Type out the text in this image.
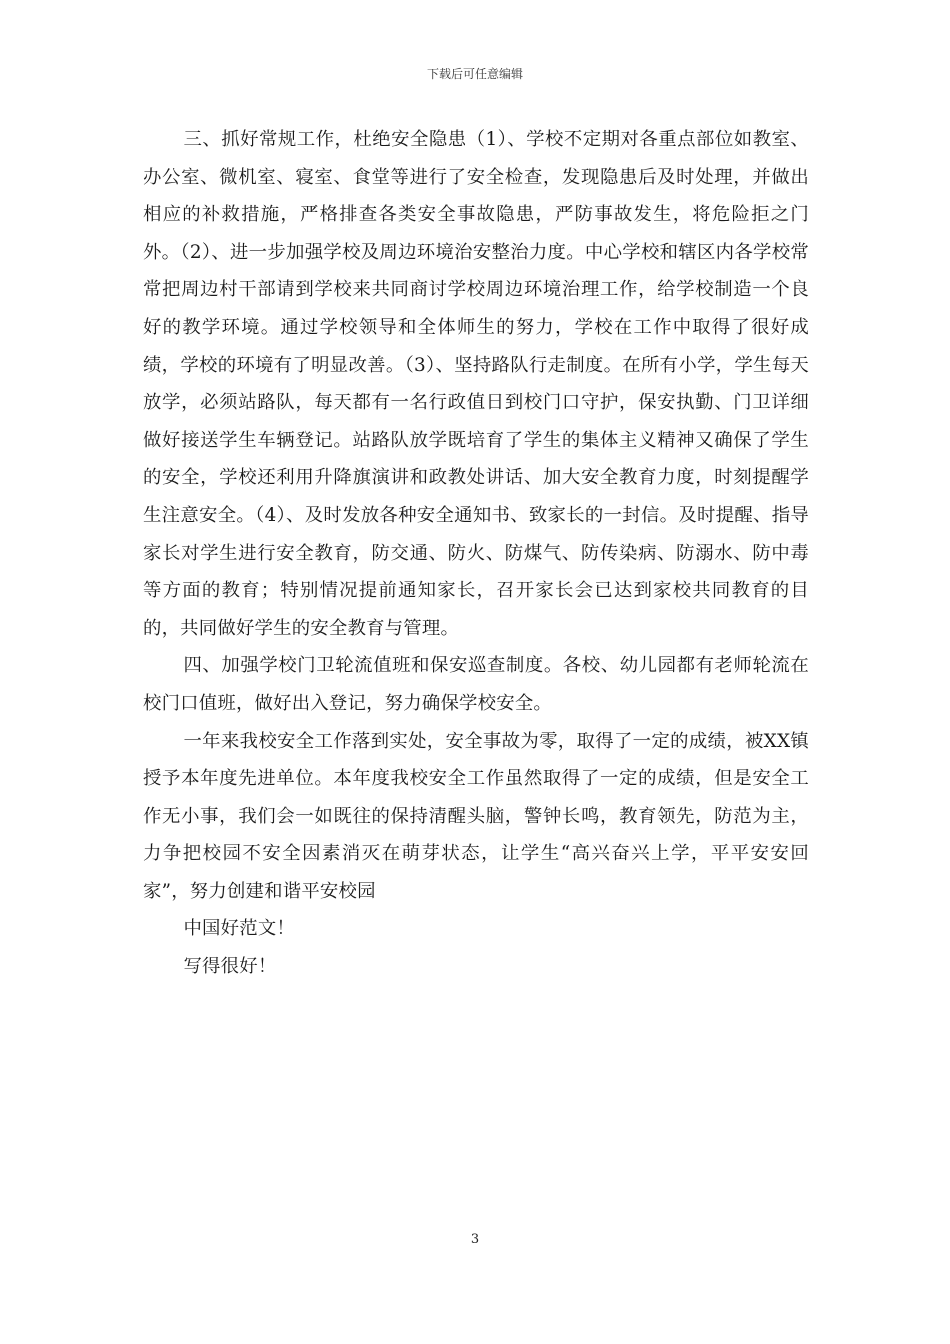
下载后可任意编辑

三、抓好常规工作，杜绝安全隐患（1）、学校不定期对各重点部位如教室、办公室、微机室、寝室、食堂等进行了安全检查，发现隐患后及时处理，并做出相应的补救措施，严格排查各类安全事故隐患，严防事故发生，将危险拒之门外。（2）、进一步加强学校及周边环境治安整治力度。中心学校和辖区内各学校常常把周边村干部请到学校来共同商讨学校周边环境治理工作，给学校制造一个良好的教学环境。通过学校领导和全体师生的努力，学校在工作中取得了很好成绩，学校的环境有了明显改善。（3）、坚持路队行走制度。在所有小学，学生每天放学，必须站路队，每天都有一名行政值日到校门口守护，保安执勤、门卫详细做好接送学生车辆登记。站路队放学既培育了学生的集体主义精神又确保了学生的安全，学校还利用升降旗演讲和政教处讲话、加大安全教育力度，时刻提醒学生注意安全。（4）、及时发放各种安全通知书、致家长的一封信。及时提醒、指导家长对学生进行安全教育，防交通、防火、防煤气、防传染病、防溺水、防中毒等方面的教育；特别情况提前通知家长，召开家长会已达到家校共同教育的目的，共同做好学生的安全教育与管理。

四、加强学校门卫轮流值班和保安巡查制度。各校、幼儿园都有老师轮流在校门口值班，做好出入登记，努力确保学校安全。

一年来我校安全工作落到实处，安全事故为零，取得了一定的成绩，被XX镇授予本年度先进单位。本年度我校安全工作虽然取得了一定的成绩，但是安全工作无小事，我们会一如既往的保持清醒头脑，警钟长鸣，教育领先，防范为主，力争把校园不安全因素消灭在萌芽状态，让学生“高兴奋兴上学，平平安安回家”，努力创建和谐平安校园

中国好范文！

写得很好！

3
